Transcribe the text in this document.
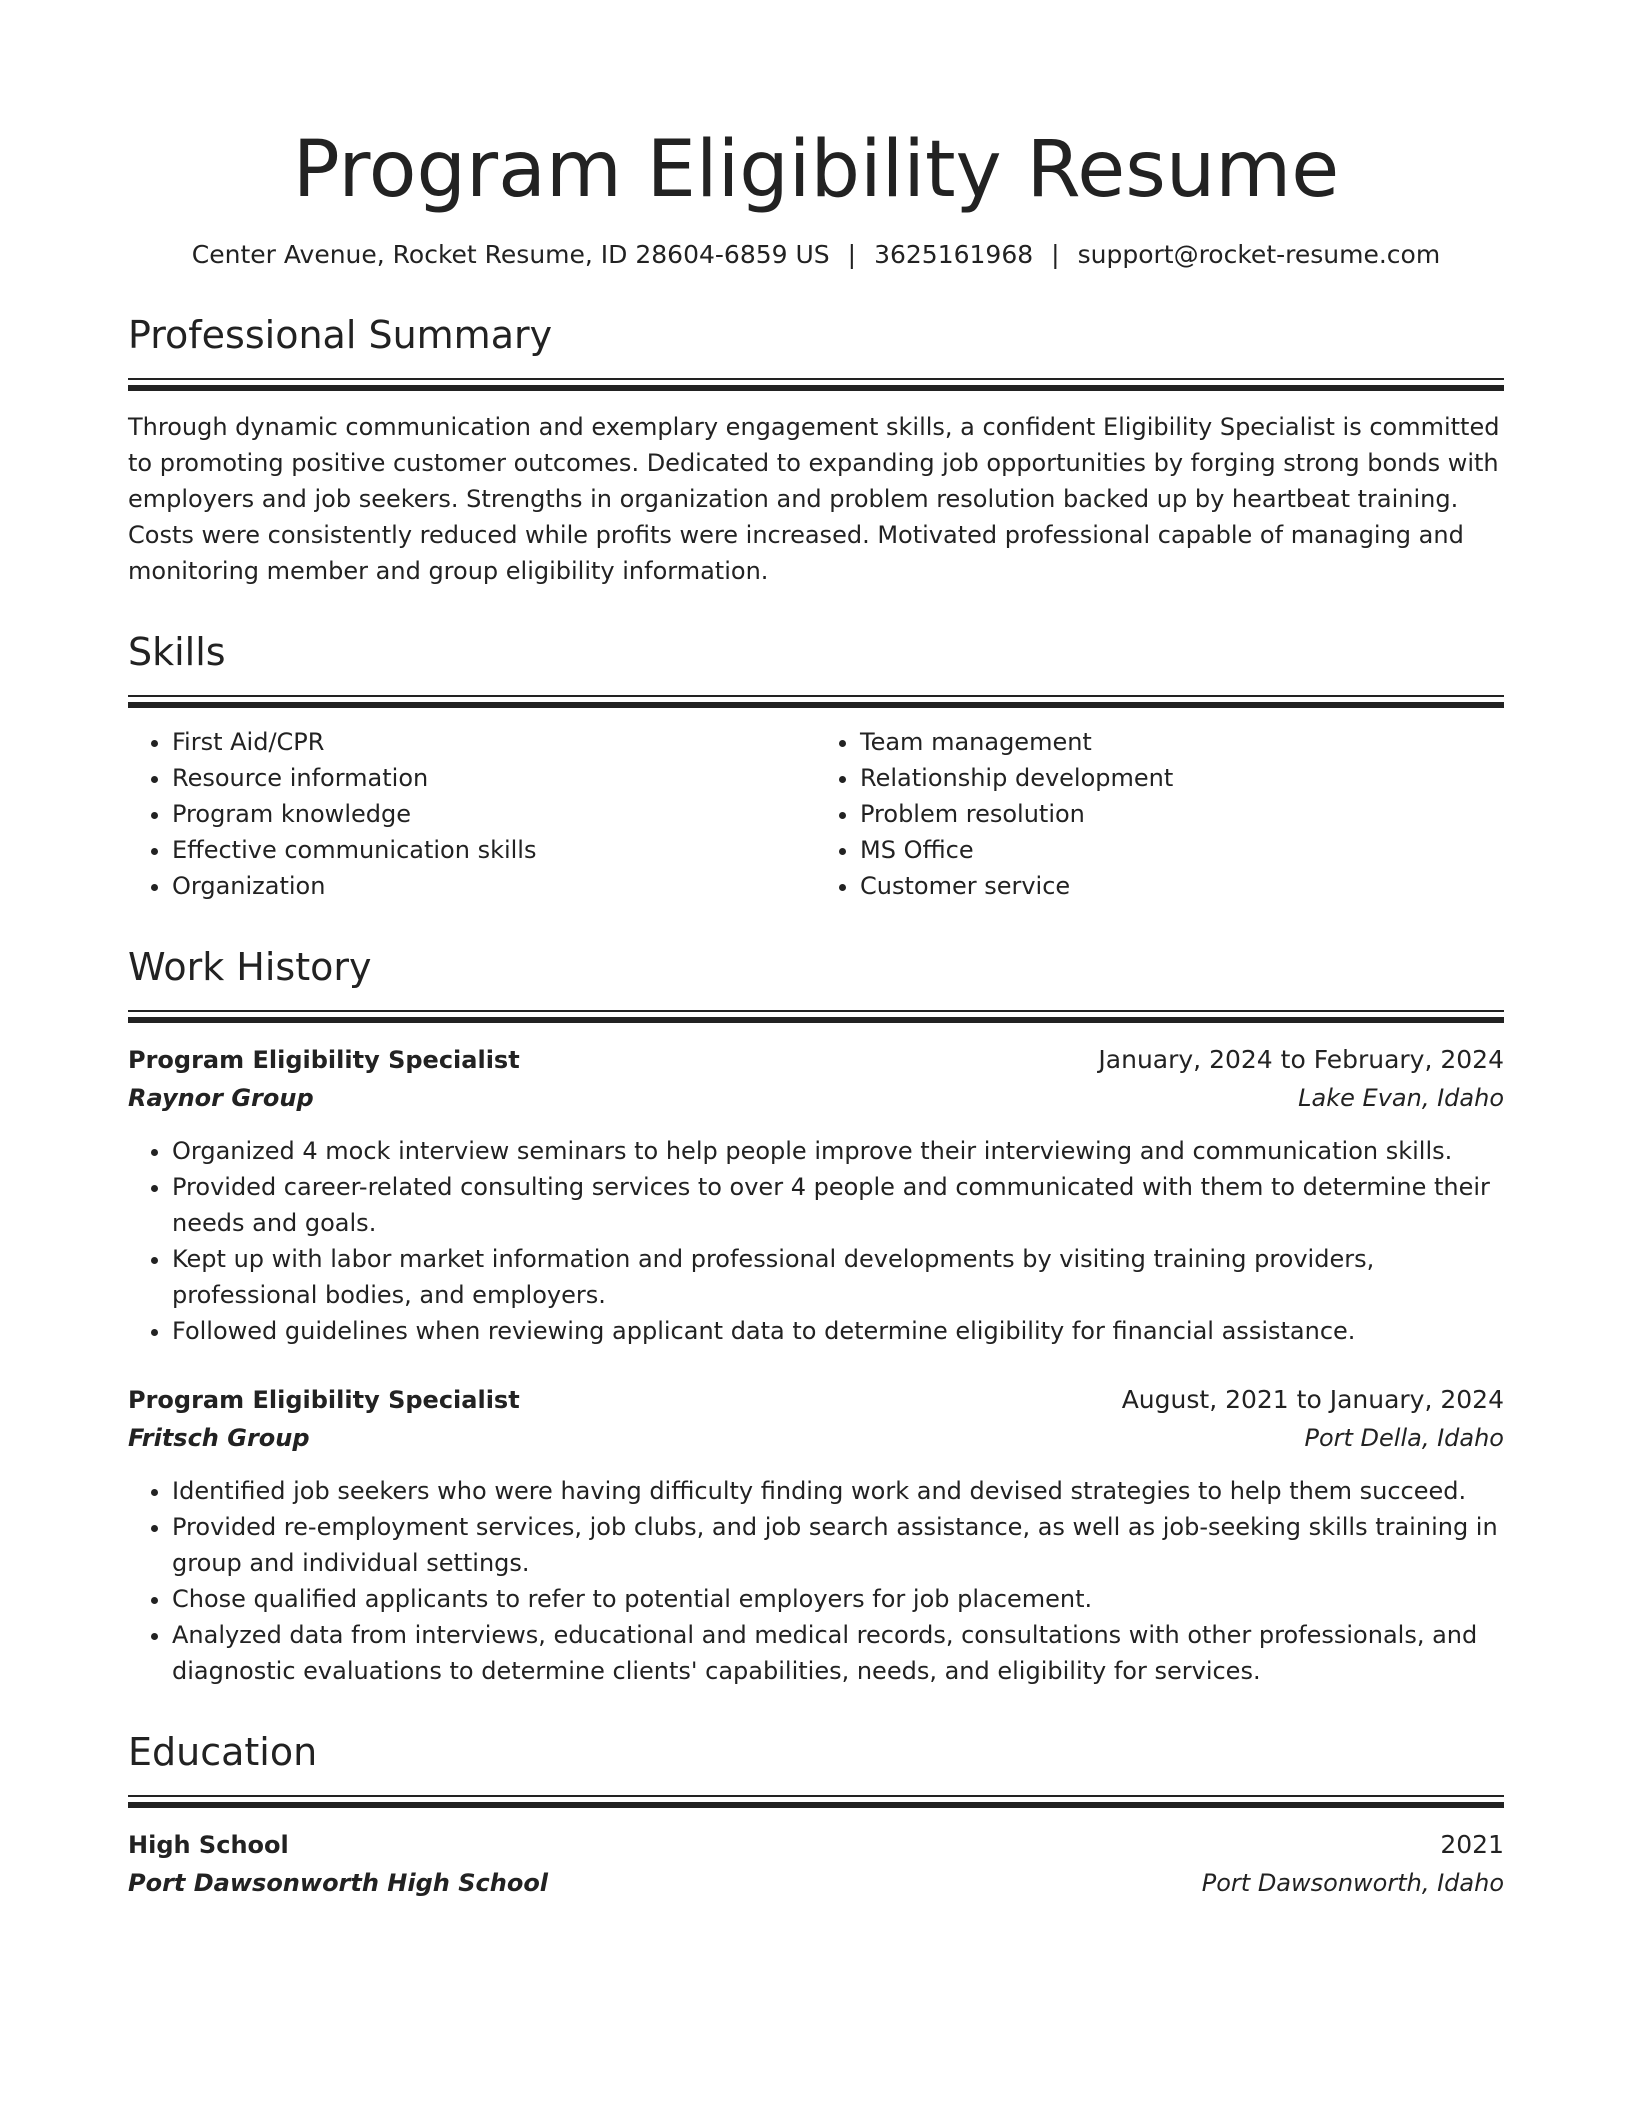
Program Eligibility Resume
Center Avenue, Rocket Resume, ID 28604-6859 US | 3625161968 | support@rocket-resume.com
Professional Summary
Through dynamic communication and exemplary engagement skills, a confident Eligibility Specialist is committed to promoting positive customer outcomes. Dedicated to expanding job opportunities by forging strong bonds with employers and job seekers. Strengths in organization and problem resolution backed up by heartbeat training. Costs were consistently reduced while profits were increased. Motivated professional capable of managing and monitoring member and group eligibility information.
Skills
• First Aid/CPR
• Resource information
• Program knowledge
• Effective communication skills
• Organization
• Team management
• Relationship development
• Problem resolution
• MS Office
• Customer service
Work History
Program Eligibility Specialist	January, 2024 to February, 2024
Raynor Group	Lake Evan, Idaho
• Organized 4 mock interview seminars to help people improve their interviewing and communication skills.
• Provided career-related consulting services to over 4 people and communicated with them to determine their needs and goals.
• Kept up with labor market information and professional developments by visiting training providers, professional bodies, and employers.
• Followed guidelines when reviewing applicant data to determine eligibility for financial assistance.
Program Eligibility Specialist	August, 2021 to January, 2024
Fritsch Group	Port Della, Idaho
• Identified job seekers who were having difficulty finding work and devised strategies to help them succeed.
• Provided re-employment services, job clubs, and job search assistance, as well as job-seeking skills training in group and individual settings.
• Chose qualified applicants to refer to potential employers for job placement.
• Analyzed data from interviews, educational and medical records, consultations with other professionals, and diagnostic evaluations to determine clients' capabilities, needs, and eligibility for services.
Education
High School	2021
Port Dawsonworth High School	Port Dawsonworth, Idaho
